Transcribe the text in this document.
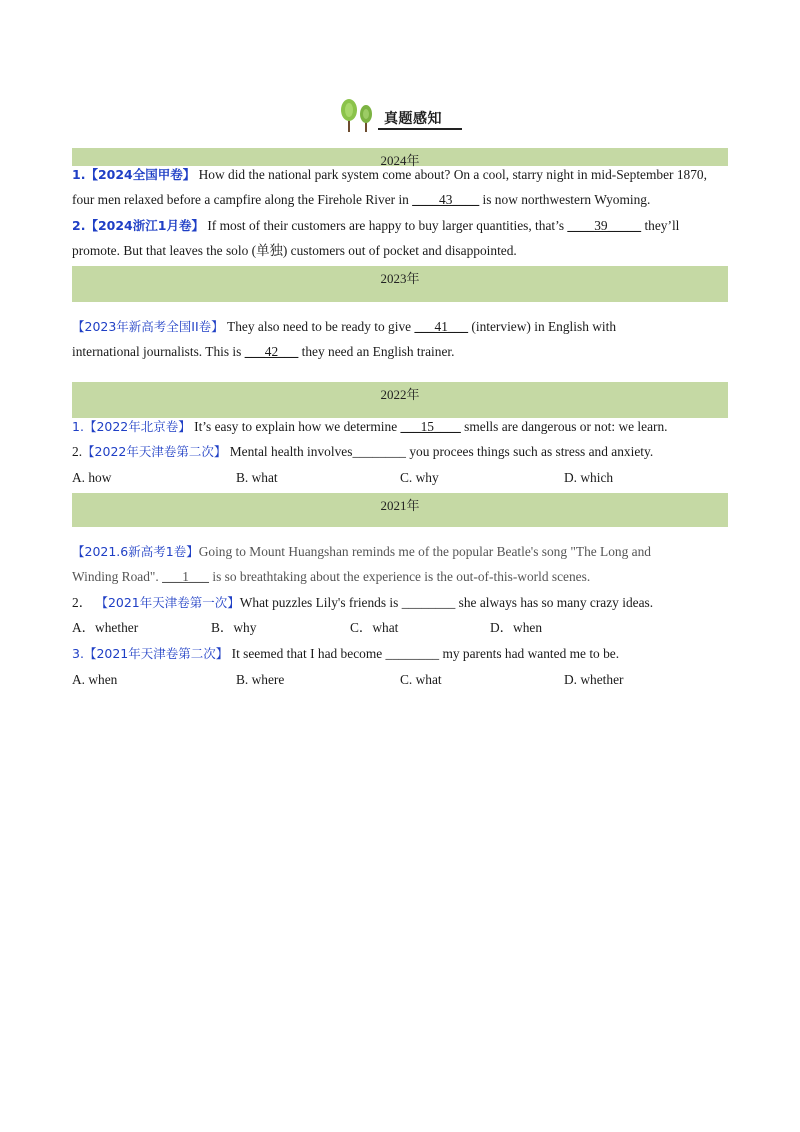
真题感知
2024年
1.【2024全国甲卷】 How did the national park system come about? On a cool, starry night in mid-September 1870,
four men relaxed before a campfire along the Firehole River in ____43____ is now northwestern Wyoming.
2.【2024浙江1月卷】 If most of their customers are happy to buy larger quantities, that’s ____39_____ they’ll
promote. But that leaves the solo (单独) customers out of pocket and disappointed.
2023年
【2023年新高考全国II卷】 They also need to be ready to give ___41___ (interview) in English with
international journalists. This is ___42___ they need an English trainer.
2022年
1.【2022年北京卷】 It’s easy to explain how we determine ___15____ smells are dangerous or not: we learn.
2.【2022年天津卷第二次】 Mental health involves________ you procees things such as stress and anxiety.
A. how	B. what	C. why	D. which
2021年
【2021.6新高考1卷】Going to Mount Huangshan reminds me of the popular Beatle's song "The Long and
Winding Road". ___1___ is so breathtaking about the experience is the out-of-this-world scenes.
2． 【2021年天津卷第一次】What puzzles Lily's friends is ________ she always has so many crazy ideas.
A．whether	B．why	C．what	D．when
3.【2021年天津卷第二次】 It seemed that I had become ________ my parents had wanted me to be.
A. when	B. where	C. what	D. whether
